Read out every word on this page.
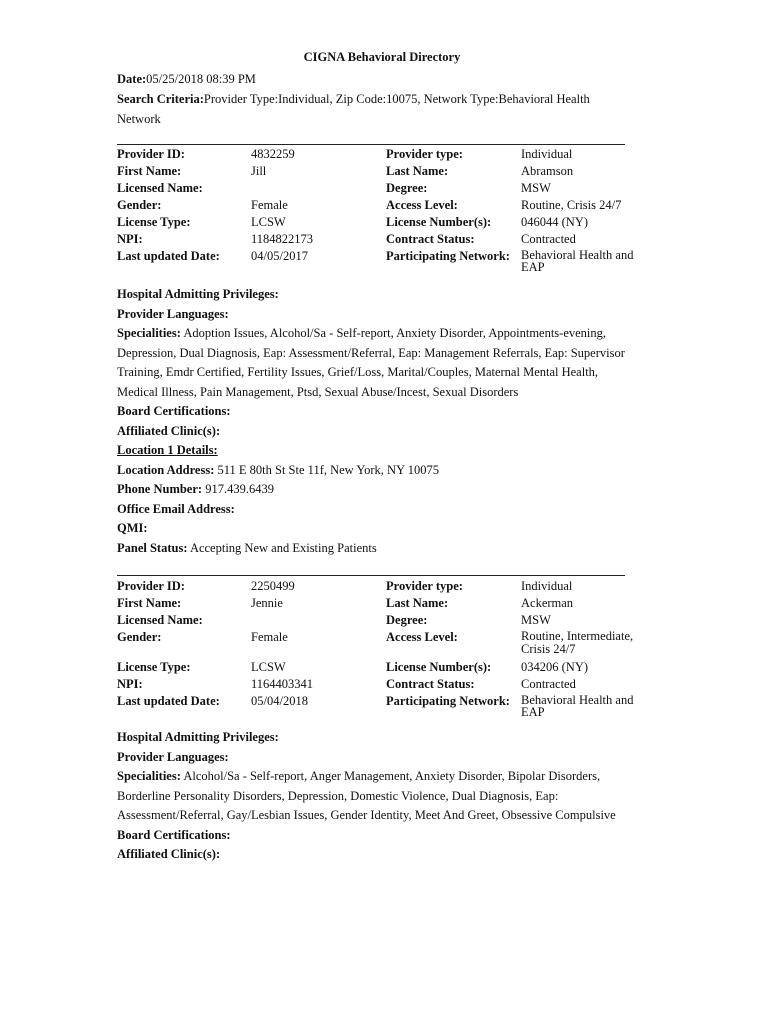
CIGNA Behavioral Directory
Date:05/25/2018 08:39 PM
Search Criteria:Provider Type:Individual, Zip Code:10075, Network Type:Behavioral Health
Network
Provider ID:	4832259	Provider type:	Individual
First Name:	Jill	Last Name:	Abramson
Licensed Name:	Degree:	MSW
Gender:	Female	Access Level:	Routine, Crisis 24/7
License Type:	LCSW	License Number(s):	046044 (NY)
NPI:	1184822173	Contract Status:	Contracted
Last updated Date:	04/05/2017	Participating Network: Behavioral Health and
EAP
Hospital Admitting Privileges:
Provider Languages:
Specialities: Adoption Issues, Alcohol/Sa - Self-report, Anxiety Disorder, Appointments-evening,
Depression, Dual Diagnosis, Eap: Assessment/Referral, Eap: Management Referrals, Eap: Supervisor
Training, Emdr Certified, Fertility Issues, Grief/Loss, Marital/Couples, Maternal Mental Health,
Medical Illness, Pain Management, Ptsd, Sexual Abuse/Incest, Sexual Disorders
Board Certifications:
Affiliated Clinic(s):
Location 1 Details:
Location Address: 511 E 80th St Ste 11f, New York, NY 10075
Phone Number: 917.439.6439
Office Email Address:
QMI:
Panel Status: Accepting New and Existing Patients
Provider ID:	2250499	Provider type:	Individual
First Name:	Jennie	Last Name:	Ackerman
Licensed Name:	Degree:	MSW
Gender:	Female	Access Level:	Routine, Intermediate,
Crisis 24/7
License Type:	LCSW	License Number(s):	034206 (NY)
NPI:	1164403341	Contract Status:	Contracted
Last updated Date:	05/04/2018	Participating Network: Behavioral Health and
EAP
Hospital Admitting Privileges:
Provider Languages:
Specialities: Alcohol/Sa - Self-report, Anger Management, Anxiety Disorder, Bipolar Disorders,
Borderline Personality Disorders, Depression, Domestic Violence, Dual Diagnosis, Eap:
Assessment/Referral, Gay/Lesbian Issues, Gender Identity, Meet And Greet, Obsessive Compulsive
Board Certifications:
Affiliated Clinic(s):
